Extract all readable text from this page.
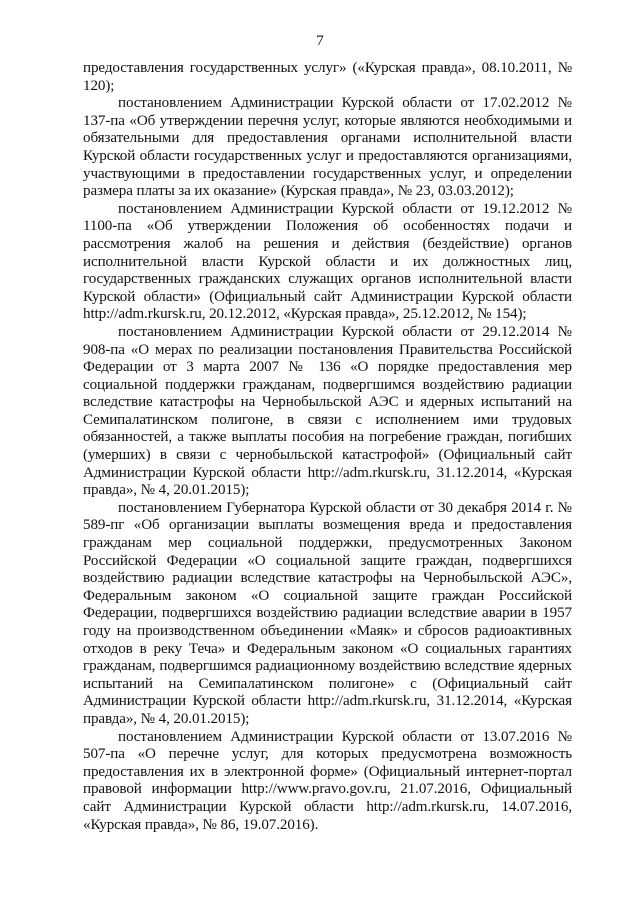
7

предоставления государственных услуг» («Курская правда», 08.10.2011, № 120);

постановлением Администрации Курской области от 17.02.2012 № 137-па «Об утверждении перечня услуг, которые являются необходимыми и обязательными для предоставления органами исполнительной власти Курской области государственных услуг и предоставляются организациями, участвующими в предоставлении государственных услуг, и определении размера платы за их оказание» (Курская правда», № 23, 03.03.2012);

постановлением Администрации Курской области от 19.12.2012 № 1100-па «Об утверждении Положения об особенностях подачи и рассмотрения жалоб на решения и действия (бездействие) органов исполнительной власти Курской области и их должностных лиц, государственных гражданских служащих органов исполнительной власти Курской области» (Официальный сайт Администрации Курской области http://adm.rkursk.ru, 20.12.2012, «Курская правда», 25.12.2012, № 154);

постановлением Администрации Курской области от 29.12.2014 № 908-па «О мерах по реализации постановления Правительства Российской Федерации от 3 марта 2007 № 136 «О порядке предоставления мер социальной поддержки гражданам, подвергшимся воздействию радиации вследствие катастрофы на Чернобыльской АЭС и ядерных испытаний на Семипалатинском полигоне, в связи с исполнением ими трудовых обязанностей, а также выплаты пособия на погребение граждан, погибших (умерших) в связи с чернобыльской катастрофой» (Официальный сайт Администрации Курской области http://adm.rkursk.ru, 31.12.2014, «Курская правда», № 4, 20.01.2015);

постановлением Губернатора Курской области от 30 декабря 2014 г. № 589-пг «Об организации выплаты возмещения вреда и предоставления гражданам мер социальной поддержки, предусмотренных Законом Российской Федерации «О социальной защите граждан, подвергшихся воздействию радиации вследствие катастрофы на Чернобыльской АЭС», Федеральным законом «О социальной защите граждан Российской Федерации, подвергшихся воздействию радиации вследствие аварии в 1957 году на производственном объединении «Маяк» и сбросов радиоактивных отходов в реку Теча» и Федеральным законом «О социальных гарантиях гражданам, подвергшимся радиационному воздействию вследствие ядерных испытаний на Семипалатинском полигоне» с (Официальный сайт Администрации Курской области http://adm.rkursk.ru, 31.12.2014, «Курская правда», № 4, 20.01.2015);

постановлением Администрации Курской области от 13.07.2016 № 507-па «О перечне услуг, для которых предусмотрена возможность предоставления их в электронной форме» (Официальный интернет-портал правовой информации http://www.pravo.gov.ru, 21.07.2016, Официальный сайт Администрации Курской области http://adm.rkursk.ru, 14.07.2016, «Курская правда», № 86, 19.07.2016).
